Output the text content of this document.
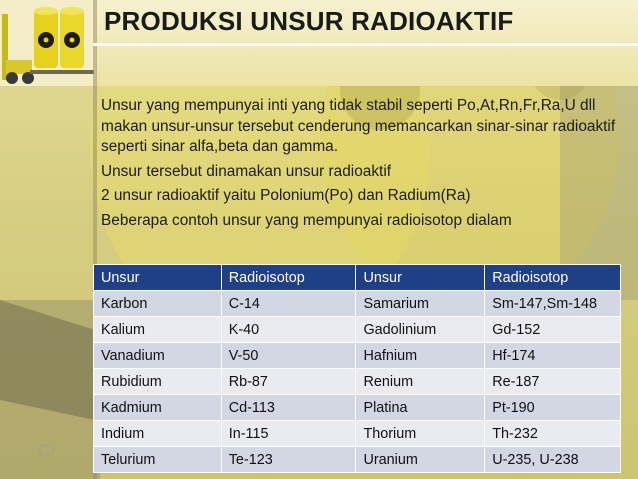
PRODUKSI UNSUR RADIOAKTIF

Unsur yang mempunyai inti yang tidak stabil seperti Po,At,Rn,Fr,Ra,U dll makan unsur-unsur tersebut cenderung memancarkan sinar-sinar radioaktif seperti sinar alfa,beta dan gamma.

Unsur tersebut dinamakan unsur radioaktif

2 unsur radioaktif yaitu Polonium(Po) dan Radium(Ra)

Beberapa contoh unsur yang mempunyai radioisotop dialam

Unsur	Radioisotop	Unsur	Radioisotop
Karbon	C-14	Samarium	Sm-147,Sm-148
Kalium	K-40	Gadolinium	Gd-152
Vanadium	V-50	Hafnium	Hf-174
Rubidium	Rb-87	Renium	Re-187
Kadmium	Cd-113	Platina	Pt-190
Indium	In-115	Thorium	Th-232
Telurium	Te-123	Uranium	U-235, U-238
Cr
